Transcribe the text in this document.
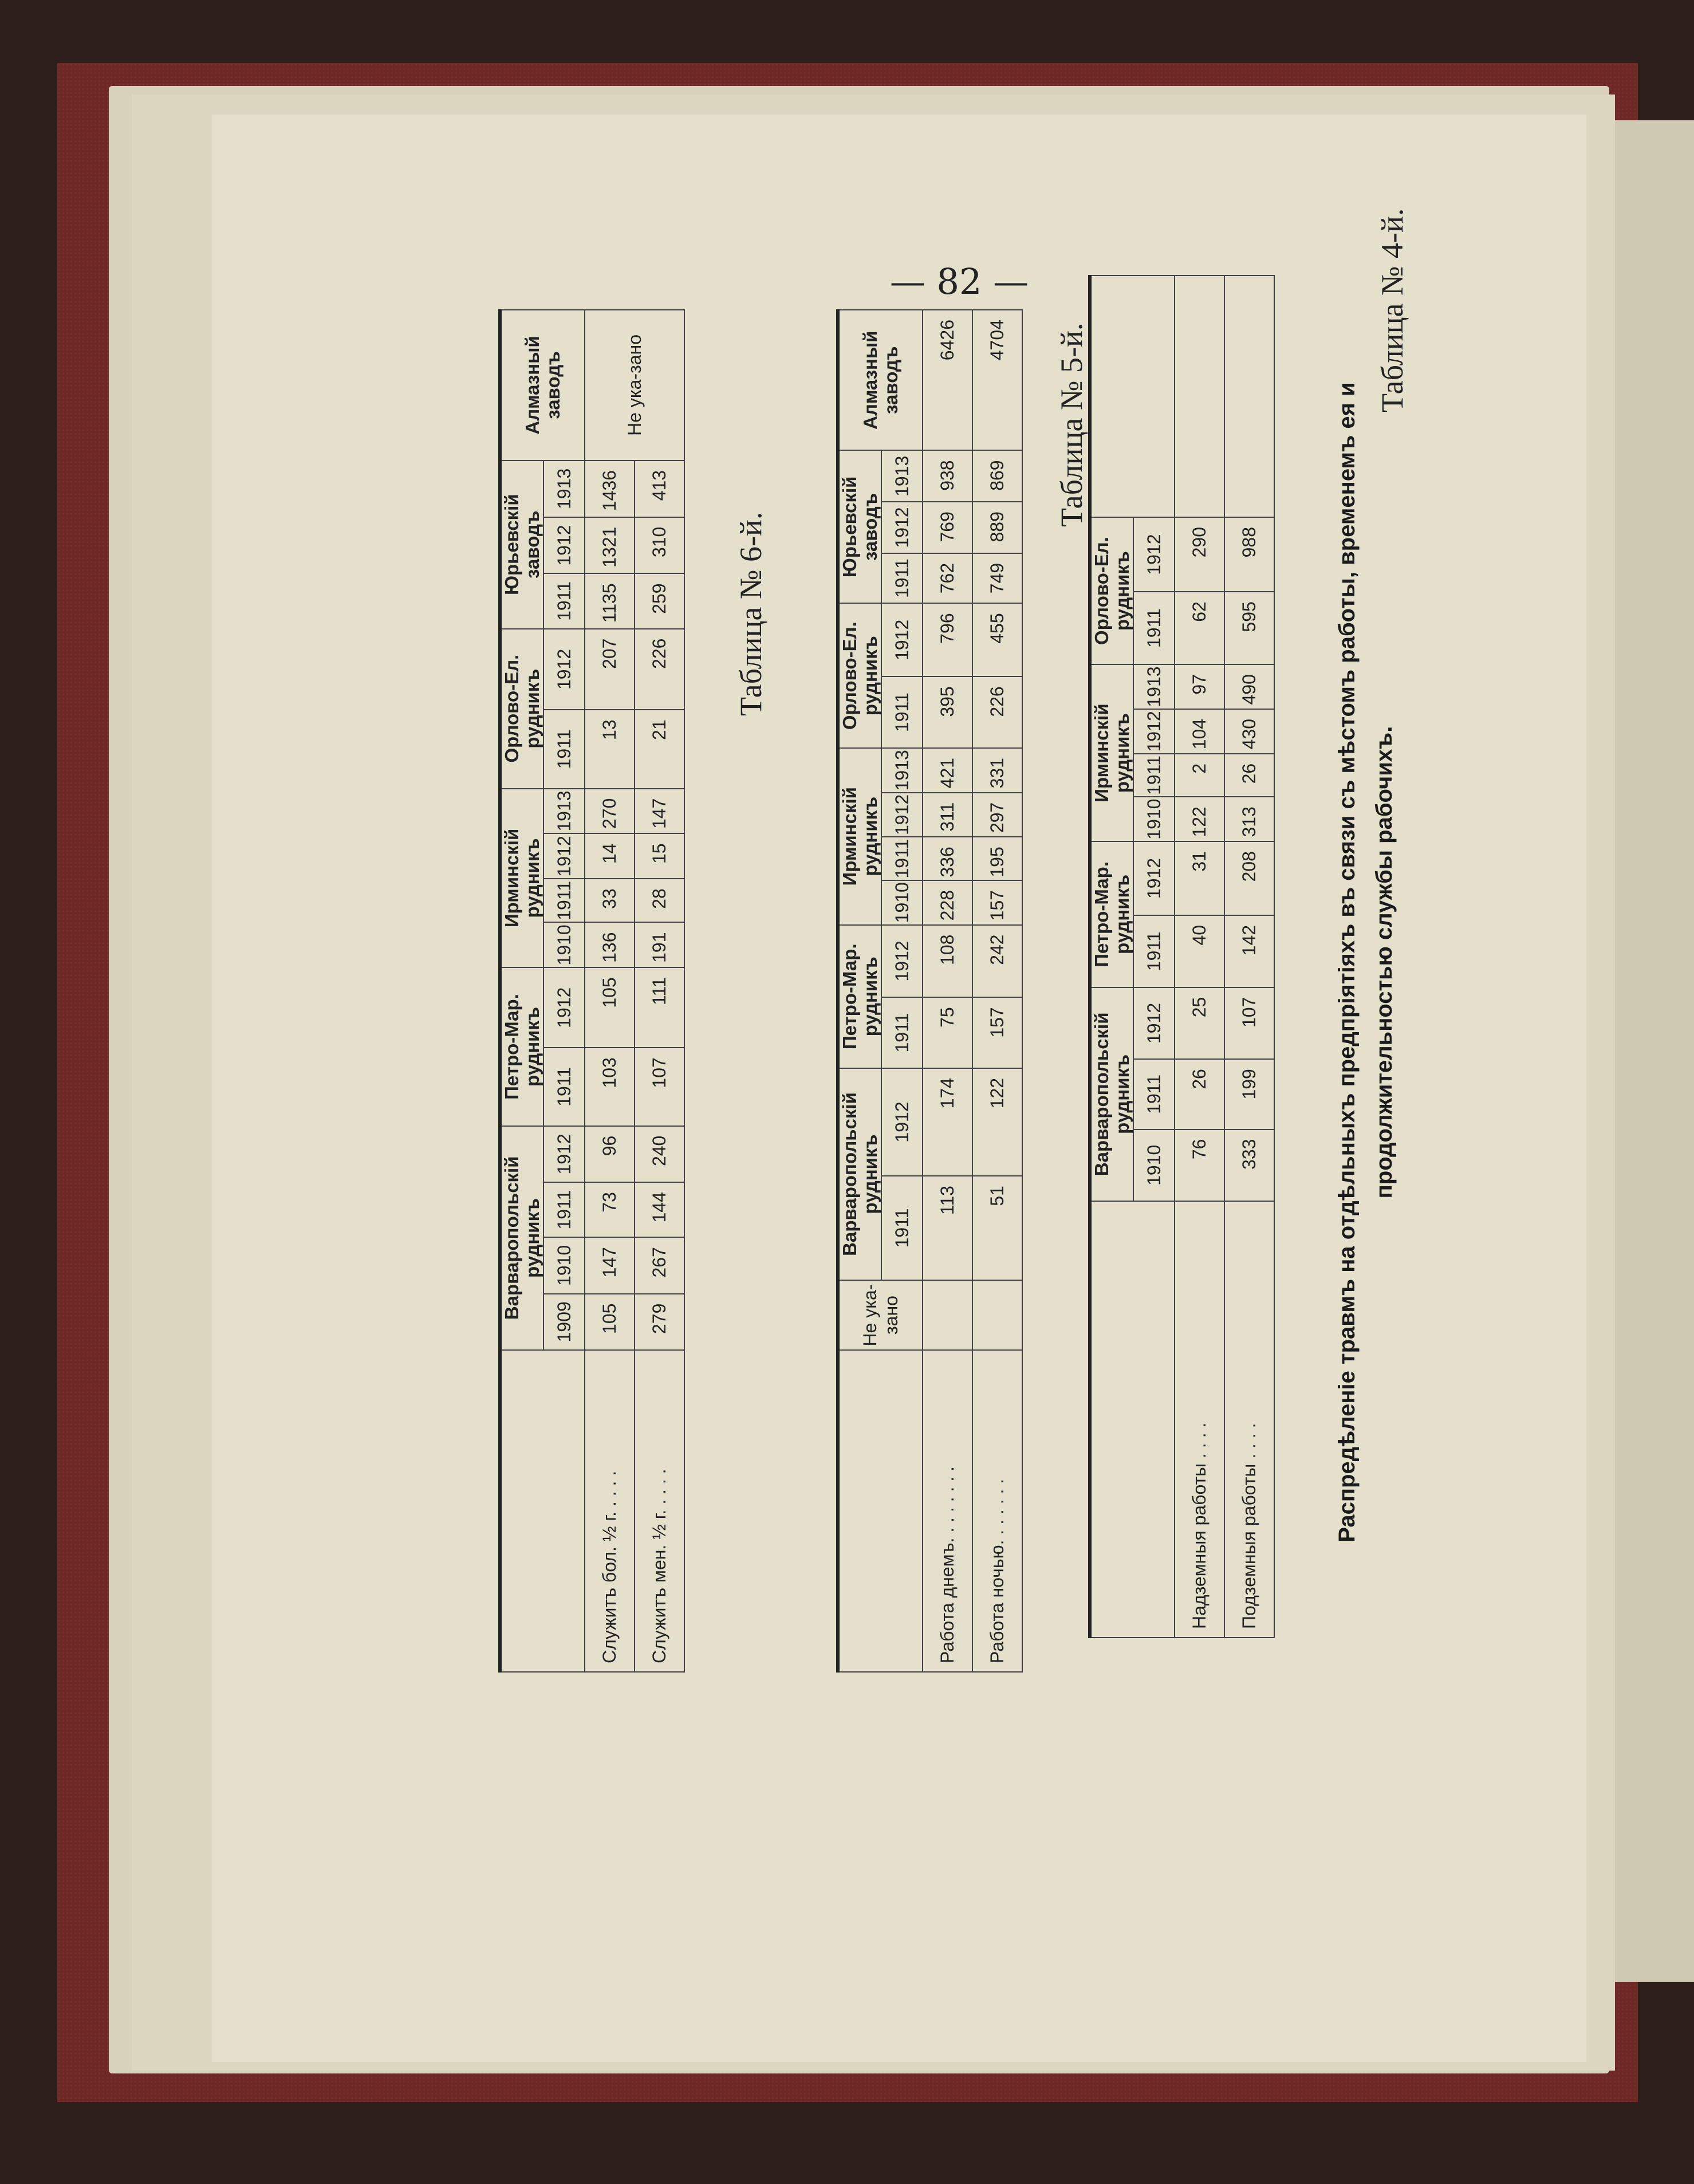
— 82 —	Таблица № 4-й.
Распредѣленіе травмъ на отдѣльныхъ предпріятіяхъ въ связи съ мѣстомъ работы, временемъ ея и продолжительностью службы рабочихъ.
	Варваропольскій рудникъ			Петро-Мар. рудникъ		Ирминскій рудникъ				Орлово-Ел. рудникъ		
	1910	1911	1912	1911	1912	1910	1911	1912	1913	1911	1912	
Надземныя работы . . . .	76	26	25	40	31	122	2	104	97	62	290	
Подземныя работы . . . .	333	199	107	142	208	313	26	430	490	595	988	
Таблица № 5-й.
	Не ука-зано	Варваропольскій рудникъ		Петро-Мар. рудникъ		Ирминскій рудникъ				Орлово-Ел. рудникъ		Юрьевскій заводъ			Алмазный заводъ
		1911	1912	1911	1912	1910	1911	1912	1913	1911	1912	1911	1912	1913	
Работа днемъ. . . . . . . .		113	174	75	108	228	336	311	421	395	796	762	769	938	6426
Работа ночью. . . . . . .		51	122	157	242	157	195	297	331	226	455	749	889	869	4704
Таблица № 6-й.
	Варваропольскій рудникъ				Петро-Мар. рудникъ		Ирминскій рудникъ				Орлово-Ел. рудникъ		Юрьевскій заводъ			Алмазный заводъ
	1909	1910	1911	1912	1911	1912	1910	1911	1912	1913	1911	1912	1911	1912	1913	
Служитъ бол. ½ г. . . . .	105	147	73	96	103	105	136	33	14	270	13	207	1135	1321	1436	Не ука-зано
Служитъ мен. ½ г. . . . .	279	267	144	240	107	111	191	28	15	147	21	226	259	310	413	
